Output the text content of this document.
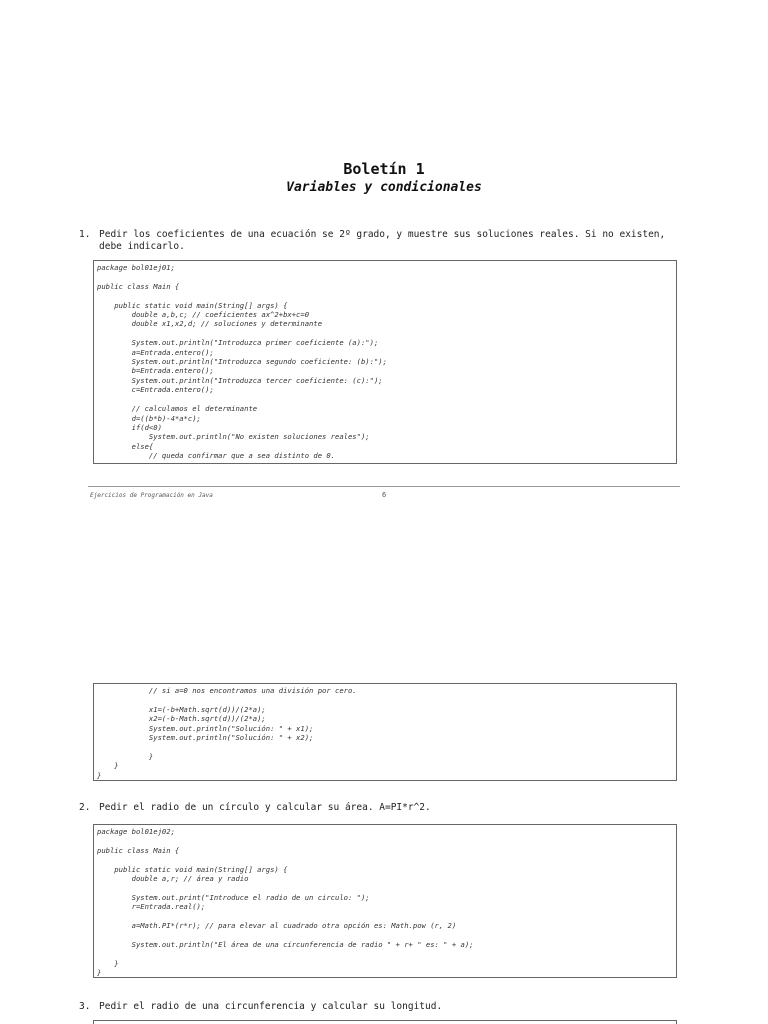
Boletín 1
Variables y condicionales
1. Pedir los coeficientes de una ecuación se 2º grado, y muestre sus soluciones reales. Si no existen,
debe indicarlo.
package bol01ej01;

public class Main {

public static void main(String[] args) {
double a,b,c; // coeficientes ax^2+bx+c=0
double x1,x2,d; // soluciones y determinante

System.out.println("Introduzca primer coeficiente (a):");
a=Entrada.entero();
System.out.println("Introduzca segundo coeficiente: (b):");
b=Entrada.entero();
System.out.println("Introduzca tercer coeficiente: (c):");
c=Entrada.entero();

// calculamos el determinante
d=((b*b)-4*a*c);
if(d<0)
System.out.println("No existen soluciones reales");
else{
// queda confirmar que a sea distinto de 0.
Ejercicios de Programación en Java	6
// si a=0 nos encontramos una división por cero.

x1=(-b+Math.sqrt(d))/(2*a);
x2=(-b-Math.sqrt(d))/(2*a);
System.out.println("Solución: " + x1);
System.out.println("Solución: " + x2);

}
}
}
2. Pedir el radio de un círculo y calcular su área. A=PI*r^2.
package bol01ej02;

public class Main {

public static void main(String[] args) {
double a,r; // área y radio

System.out.print("Introduce el radio de un circulo: ");
r=Entrada.real();

a=Math.PI*(r*r); // para elevar al cuadrado otra opción es: Math.pow (r, 2)

System.out.println("El área de una circunferencia de radio " + r+ " es: " + a);

}
}
3. Pedir el radio de una circunferencia y calcular su longitud.
